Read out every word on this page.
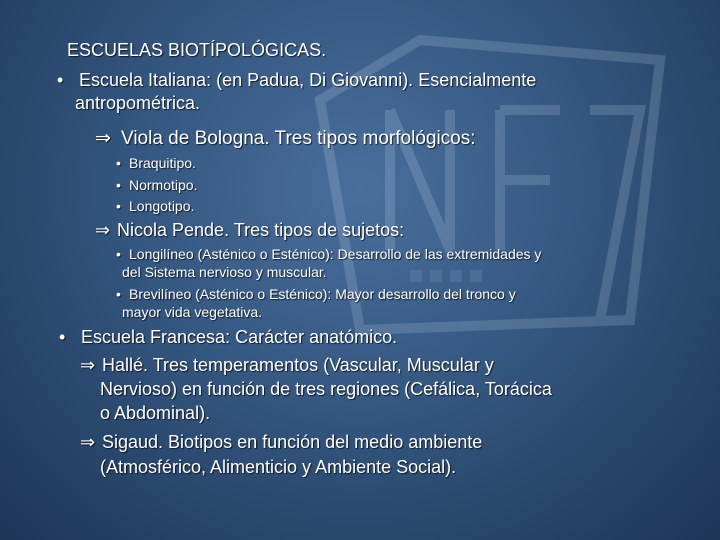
ESCUELAS BIOTÍPOLÓGICAS.
• Escuela Italiana: (en Padua, Di Giovanni). Esencialmente
antropométrica.
⇒ Viola de Bologna. Tres tipos morfológicos:
• Braquitipo.
• Normotipo.
• Longotipo.
⇒ Nicola Pende. Tres tipos de sujetos:
• Longilíneo (Asténico o Esténico): Desarrollo de las extremidades y
del Sistema nervioso y muscular.
• Brevilíneo (Asténico o Esténico): Mayor desarrollo del tronco y
mayor vida vegetativa.
• Escuela Francesa: Carácter anatómico.
⇒ Hallé. Tres temperamentos (Vascular, Muscular y
Nervioso) en función de tres regiones (Cefálica, Torácica
o Abdominal).
⇒ Sigaud. Biotipos en función del medio ambiente
(Atmosférico, Alimenticio y Ambiente Social).
